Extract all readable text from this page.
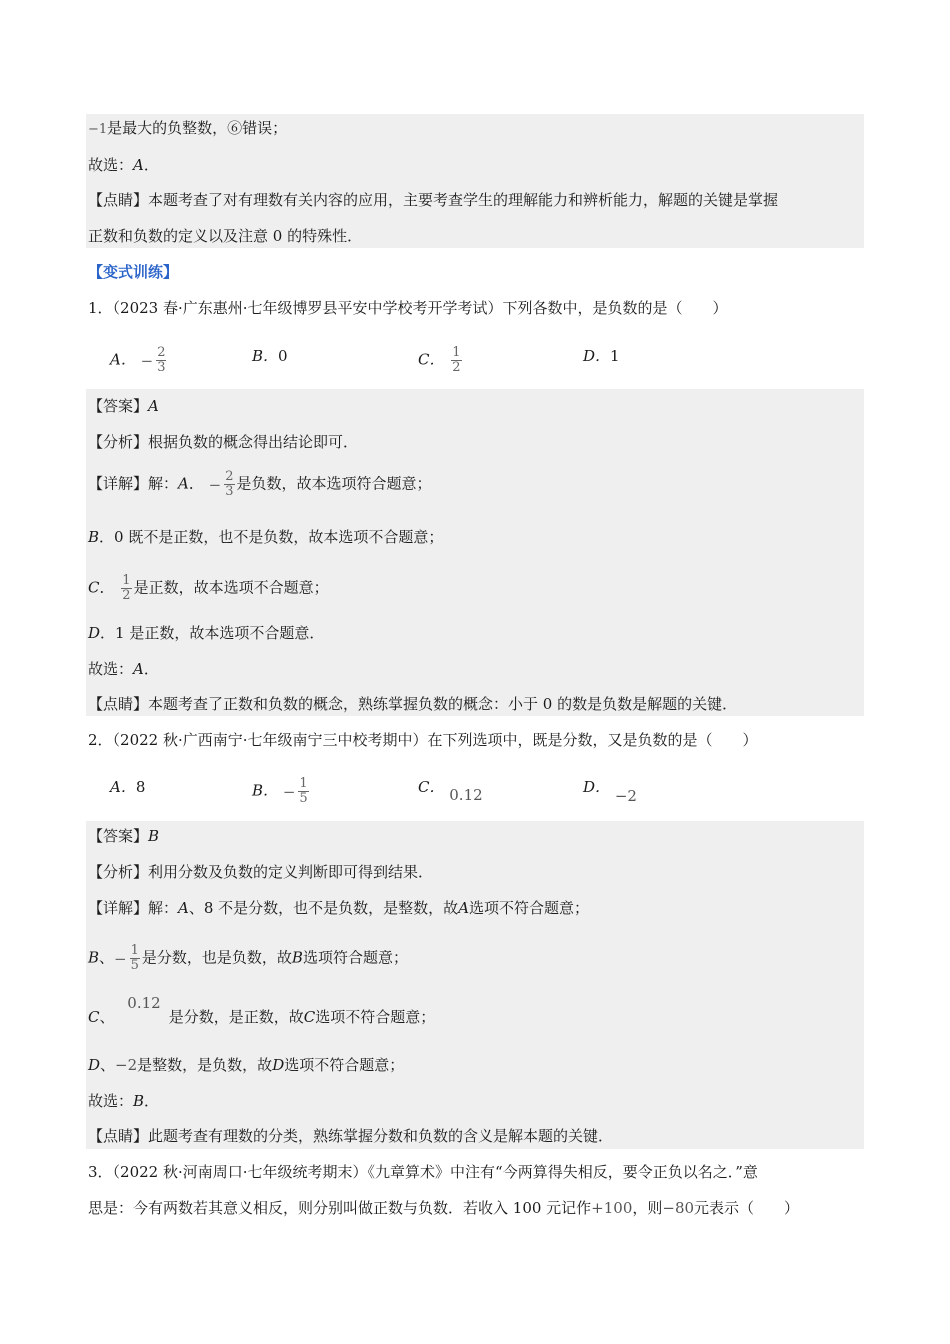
−1是最大的负整数，⑥错误；
故选：A．
【点睛】本题考查了对有理数有关内容的应用，主要考查学生的理解能力和辨析能力，解题的关键是掌握
正数和负数的定义以及注意 0 的特殊性．
【变式训练】
1．（2023 春·广东惠州·七年级博罗县平安中学校考开学考试）下列各数中，是负数的是（　　）
A． − $\frac{2}{3}$	B．0	C． $\frac{1}{2}$	D．1
【答案】A
【分析】根据负数的概念得出结论即可．
【详解】解：A． − $\frac{2}{3}$ 是负数，故本选项符合题意；
B．0 既不是正数，也不是负数，故本选项不合题意；
C． $\frac{1}{2}$ 是正数，故本选项不合题意；
D．1 是正数，故本选项不合题意．
故选：A．
【点睛】本题考查了正数和负数的概念，熟练掌握负数的概念：小于 0 的数是负数是解题的关键．
2．（2022 秋·广西南宁·七年级南宁三中校考期中）在下列选项中，既是分数，又是负数的是（　　）
A．8	B． − $\frac{1}{5}$	C． 0.12	D． −2
【答案】B
【分析】利用分数及负数的定义判断即可得到结果．
【详解】解：A、8 不是分数，也不是负数，是整数，故A选项不符合题意；
B、− $\frac{1}{5}$ 是分数，也是负数，故B选项符合题意；
C、 0.12是分数，是正数，故C选项不符合题意；
D、−2是整数，是负数，故D选项不符合题意；
故选：B．
【点睛】此题考查有理数的分类，熟练掌握分数和负数的含义是解本题的关键．
3．（2022 秋·河南周口·七年级统考期末）《九章算术》中注有“今两算得失相反，要令正负以名之．”意
思是：今有两数若其意义相反，则分别叫做正数与负数．若收入 100 元记作+100，则−80元表示（　　）
